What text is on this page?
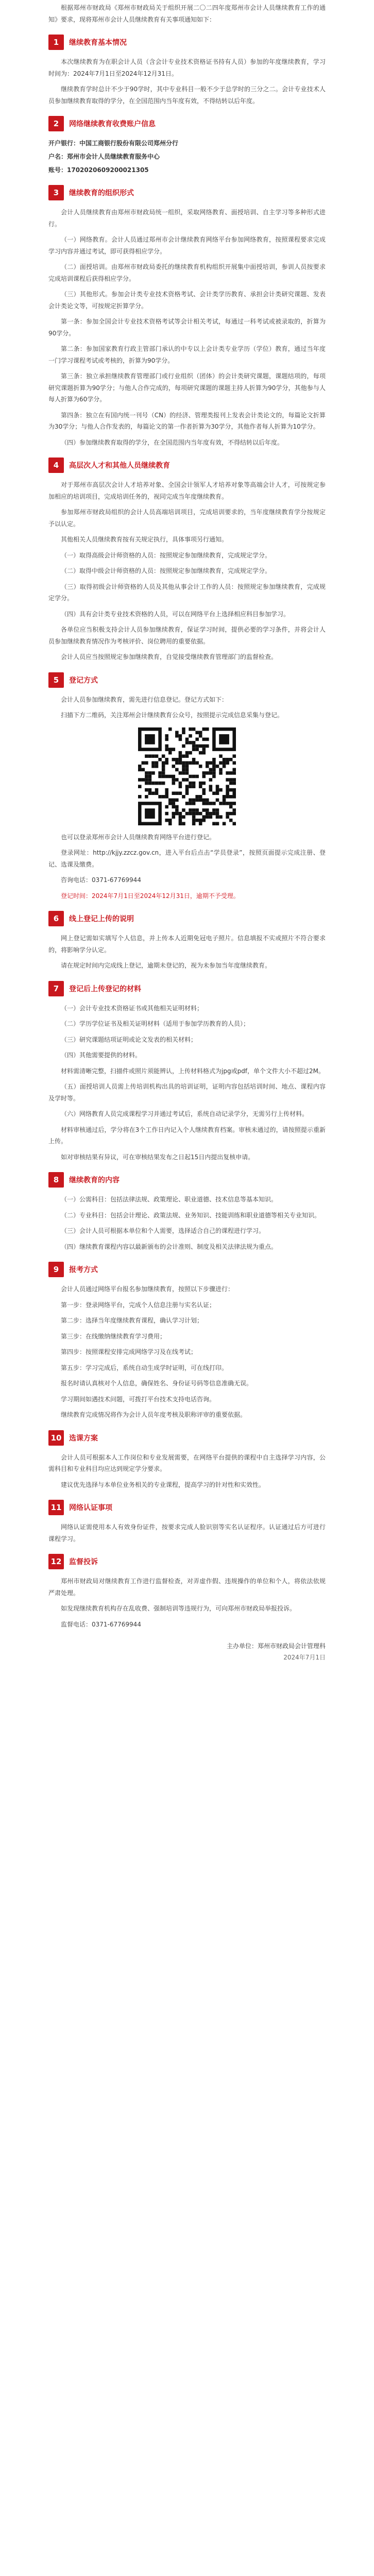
根据郑州市财政局《郑州市财政局关于组织开展二〇二四年度郑州市会计人员继续教育工作的通知》要求，现将郑州市会计人员继续教育有关事项通知如下：

1	继续教育基本情况

本次继续教育为在职会计人员（含会计专业技术资格证书持有人员）参加的年度继续教育，学习时间为：2024年7月1日至2024年12月31日。

继续教育学时总计不少于90学时，其中专业科目一般不少于总学时的三分之二。会计专业技术人员参加继续教育取得的学分，在全国范围内当年度有效，不得结转以后年度。

2	网络继续教育收费账户信息
开户银行：中国工商银行股份有限公司郑州分行
户名：郑州市会计人员继续教育服务中心
账号：1702020609200021305
3	继续教育的组织形式

会计人员继续教育由郑州市财政局统一组织，采取网络教育、面授培训、自主学习等多种形式进行。

（一）网络教育。会计人员通过郑州市会计继续教育网络平台参加网络教育，按照课程要求完成学习内容并通过考试，即可获得相应学分。

（二）面授培训。由郑州市财政局委托的继续教育机构组织开展集中面授培训，参训人员按要求完成培训课程后获得相应学分。

（三）其他形式。参加会计类专业技术资格考试、会计类学历教育、承担会计类研究课题、发表会计类论文等，可按规定折算学分。

第一条：参加全国会计专业技术资格考试等会计相关考试，每通过一科考试或被录取的，折算为90学分。

第二条：参加国家教育行政主管部门承认的中专以上会计类专业学历（学位）教育，通过当年度一门学习课程考试或考核的，折算为90学分。

第三条：独立承担继续教育管理部门或行业组织（团体）的会计类研究课题，课题结项的，每项研究课题折算为90学分；与他人合作完成的，每项研究课题的课题主持人折算为90学分，其他参与人每人折算为60学分。

第四条：独立在有国内统一刊号（CN）的经济、管理类报刊上发表会计类论文的，每篇论文折算为30学分；与他人合作发表的，每篇论文的第一作者折算为30学分，其他作者每人折算为10学分。

（四）参加继续教育取得的学分，在全国范围内当年度有效，不得结转以后年度。

4	高层次人才和其他人员继续教育

对于郑州市高层次会计人才培养对象、全国会计领军人才培养对象等高端会计人才，可按规定参加相应的培训项目，完成培训任务的，视同完成当年度继续教育。

参加郑州市财政局组织的会计人员高端培训项目，完成培训要求的，当年度继续教育学分按规定予以认定。

其他相关人员继续教育按有关规定执行，具体事项另行通知。

（一）取得高级会计师资格的人员：按照规定参加继续教育，完成规定学分。

（二）取得中级会计师资格的人员：按照规定参加继续教育，完成规定学分。

（三）取得初级会计师资格的人员及其他从事会计工作的人员：按照规定参加继续教育，完成规定学分。

（四）具有会计类专业技术资格的人员，可以在网络平台上选择相应科目参加学习。

各单位应当积极支持会计人员参加继续教育，保证学习时间，提供必要的学习条件，并将会计人员参加继续教育情况作为考核评价、岗位聘用的重要依据。

会计人员应当按照规定参加继续教育，自觉接受继续教育管理部门的监督检查。

5	登记方式

会计人员参加继续教育，需先进行信息登记。登记方式如下：

扫描下方二维码，关注郑州会计继续教育公众号，按照提示完成信息采集与登记。

也可以登录郑州市会计人员继续教育网络平台进行登记。

登录网址：http://kjjy.zzcz.gov.cn，进入平台后点击“学员登录”，按照页面提示完成注册、登记、选课及缴费。

咨询电话：0371-67769944

登记时间：2024年7月1日至2024年12月31日，逾期不予受理。

6	线上登记上传的说明

网上登记需如实填写个人信息，并上传本人近期免冠电子照片。信息填报不实或照片不符合要求的，将影响学分认定。

请在规定时间内完成线上登记，逾期未登记的，视为未参加当年度继续教育。

7	登记后上传登记的材料

（一）会计专业技术资格证书或其他相关证明材料；

（二）学历学位证书及相关证明材料（适用于参加学历教育的人员）；

（三）研究课题结项证明或论文发表的相关材料；

（四）其他需要提供的材料。

材料需清晰完整，扫描件或照片须能辨认，上传材料格式为jpg或pdf，单个文件大小不超过2M。

（五）面授培训人员需上传培训机构出具的培训证明，证明内容包括培训时间、地点、课程内容及学时等。

（六）网络教育人员完成课程学习并通过考试后，系统自动记录学分，无需另行上传材料。

材料审核通过后，学分将在3个工作日内记入个人继续教育档案。审核未通过的，请按照提示重新上传。

如对审核结果有异议，可在审核结果发布之日起15日内提出复核申请。

8	继续教育的内容

（一）公需科目：包括法律法规、政策理论、职业道德、技术信息等基本知识。

（二）专业科目：包括会计理论、政策法规、业务知识、技能训练和职业道德等相关专业知识。

（三）会计人员可根据本单位和个人需要，选择适合自己的课程进行学习。

（四）继续教育课程内容以最新颁布的会计准则、制度及相关法律法规为重点。

9	报考方式

会计人员通过网络平台报名参加继续教育，按照以下步骤进行：

第一步：登录网络平台，完成个人信息注册与实名认证；

第二步：选择当年度继续教育课程，确认学习计划；

第三步：在线缴纳继续教育学习费用；

第四步：按照课程安排完成网络学习及在线考试；

第五步：学习完成后，系统自动生成学时证明，可在线打印。

报名时请认真核对个人信息，确保姓名、身份证号码等信息准确无误。

学习期间如遇技术问题，可拨打平台技术支持电话咨询。

继续教育完成情况将作为会计人员年度考核及职称评审的重要依据。

10	选课方案

会计人员可根据本人工作岗位和专业发展需要，在网络平台提供的课程中自主选择学习内容，公需科目和专业科目均应达到规定学分要求。

建议优先选择与本单位业务相关的专业课程，提高学习的针对性和实效性。

11	网络认证事项

网络认证需使用本人有效身份证件，按要求完成人脸识别等实名认证程序。认证通过后方可进行课程学习。

12	监督投诉

郑州市财政局对继续教育工作进行监督检查，对弄虚作假、违规操作的单位和个人，将依法依规严肃处理。

如发现继续教育机构存在乱收费、强制培训等违规行为，可向郑州市财政局举报投诉。

监督电话：0371-67769944

主办单位：郑州市财政局会计管理科
2024年7月1日
